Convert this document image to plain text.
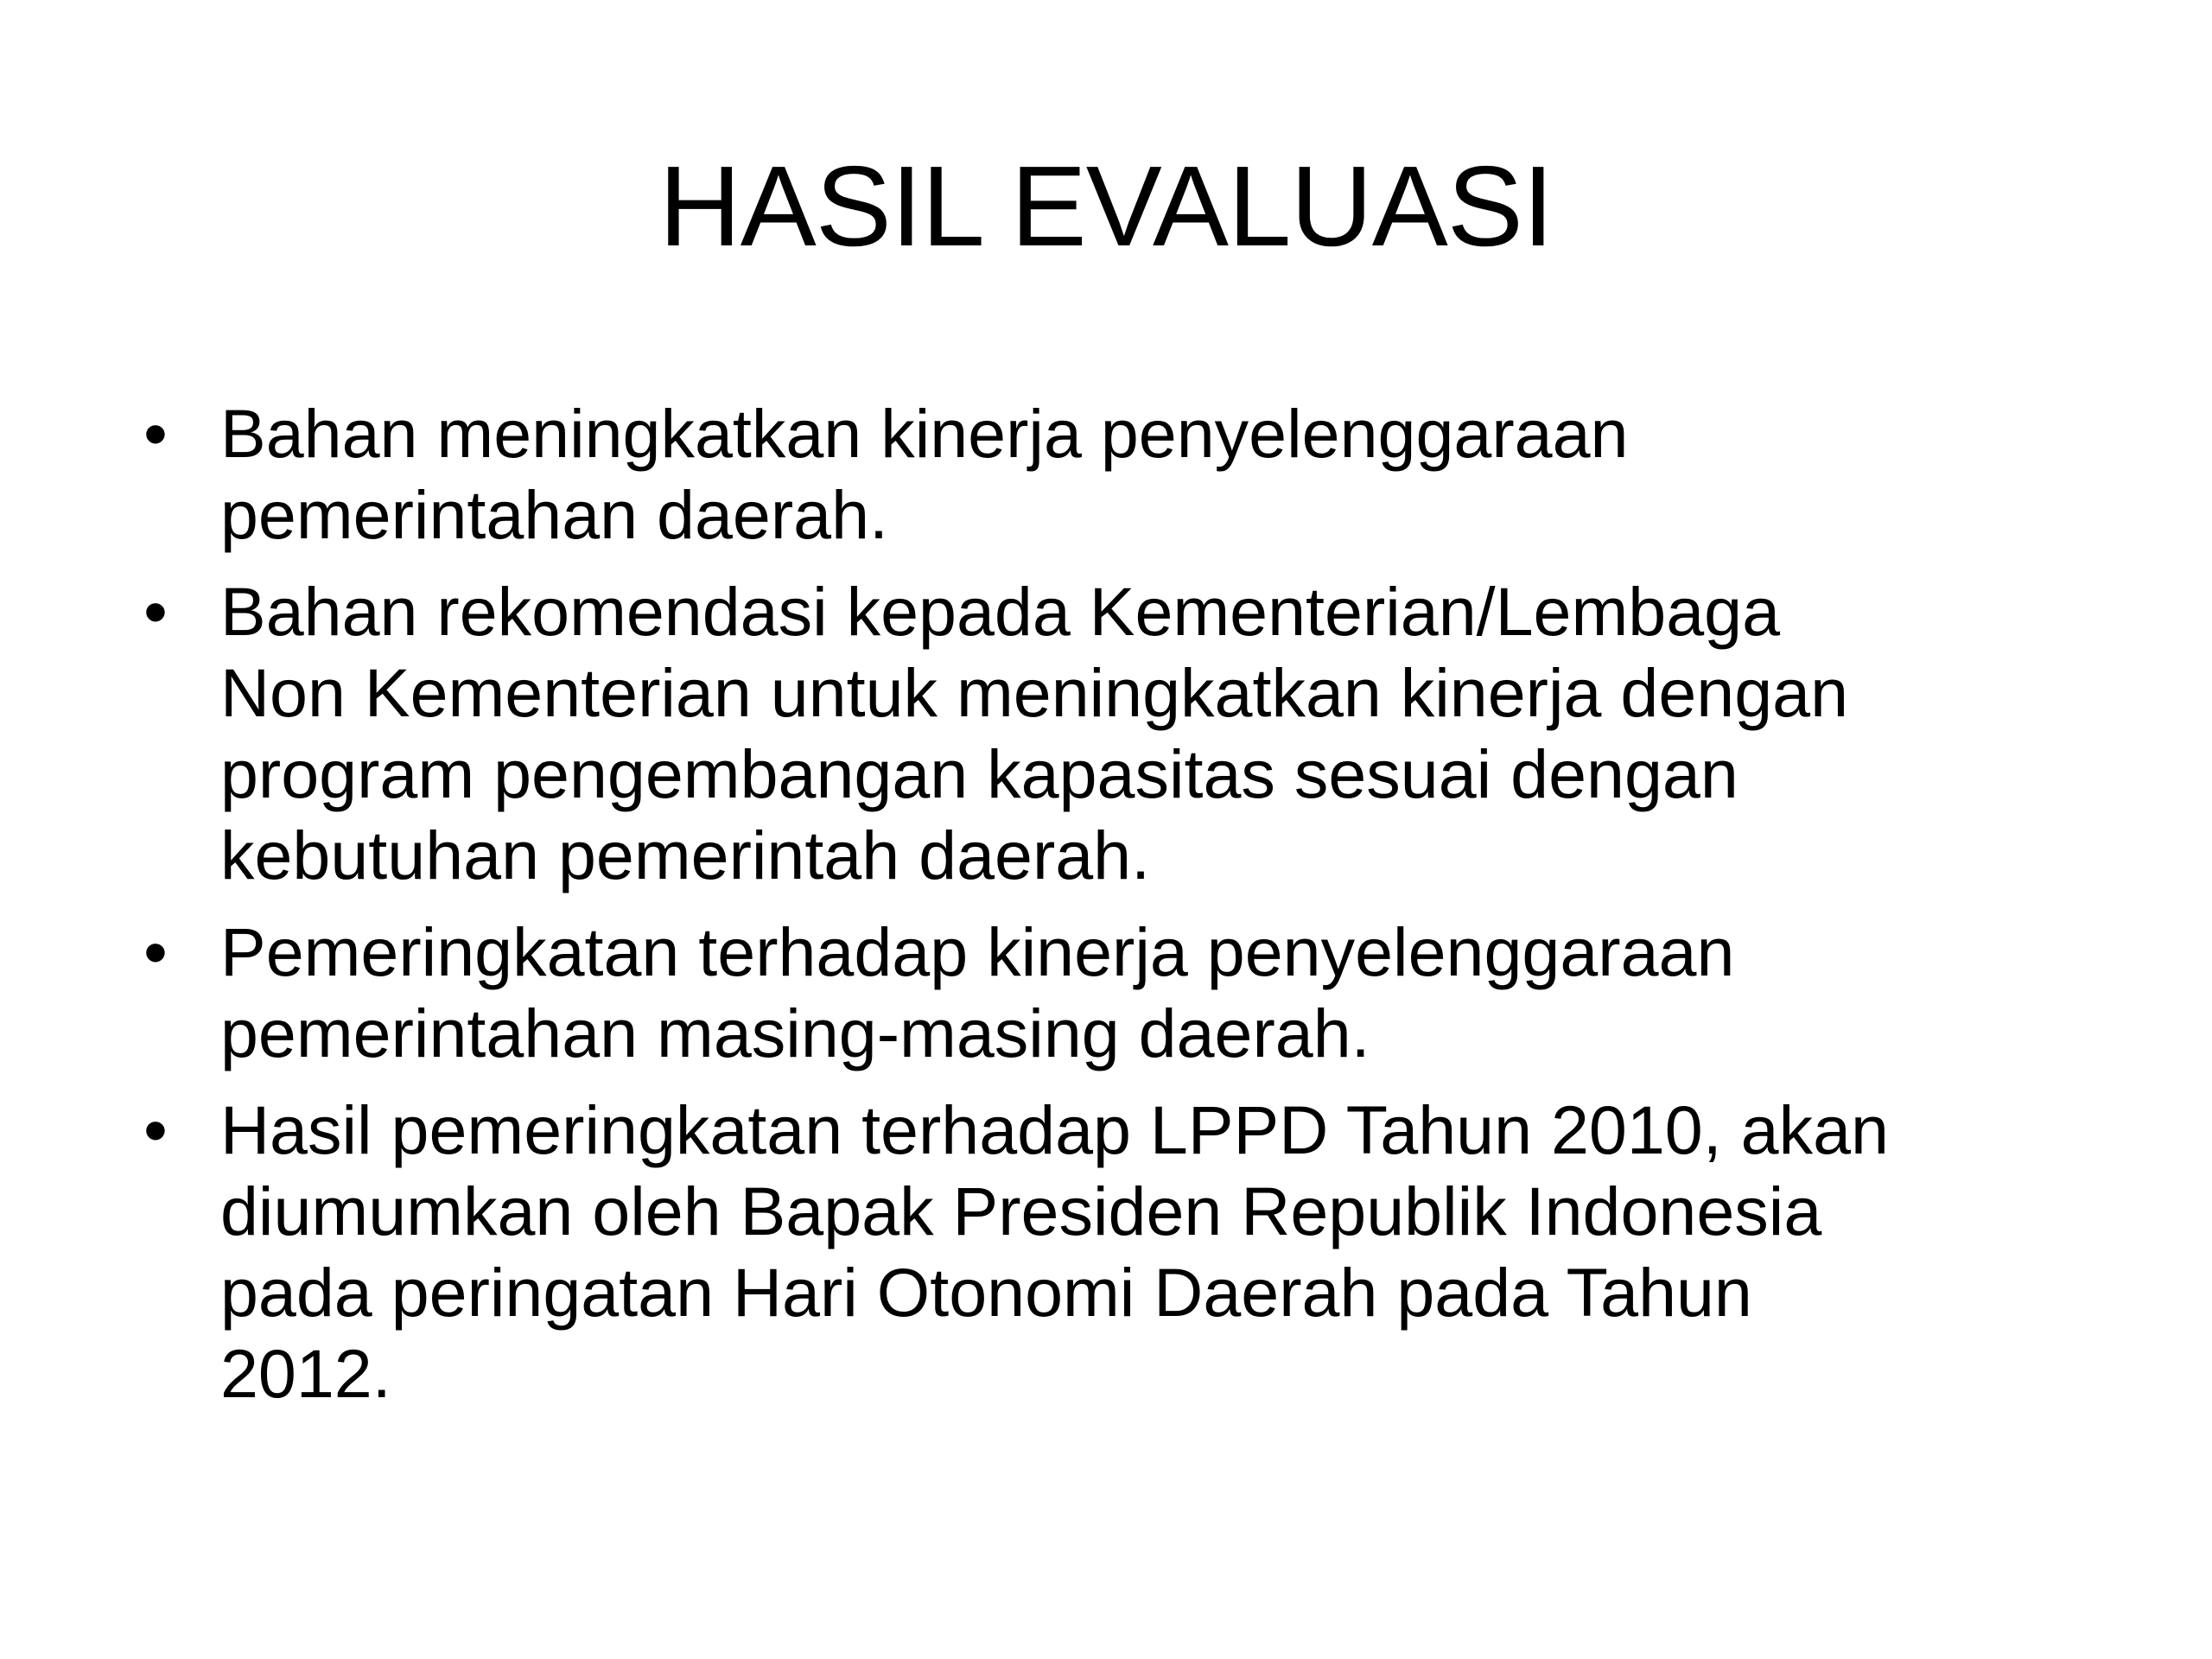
HASIL EVALUASI
• Bahan meningkatkan kinerja penyelenggaraan
pemerintahan daerah.
• Bahan rekomendasi kepada Kementerian/Lembaga
Non Kementerian untuk meningkatkan kinerja dengan
program pengembangan kapasitas sesuai dengan
kebutuhan pemerintah daerah.
• Pemeringkatan terhadap kinerja penyelenggaraan
pemerintahan masing-masing daerah.
• Hasil pemeringkatan terhadap LPPD Tahun 2010, akan
diumumkan oleh Bapak Presiden Republik Indonesia
pada peringatan Hari Otonomi Daerah pada Tahun
2012.
